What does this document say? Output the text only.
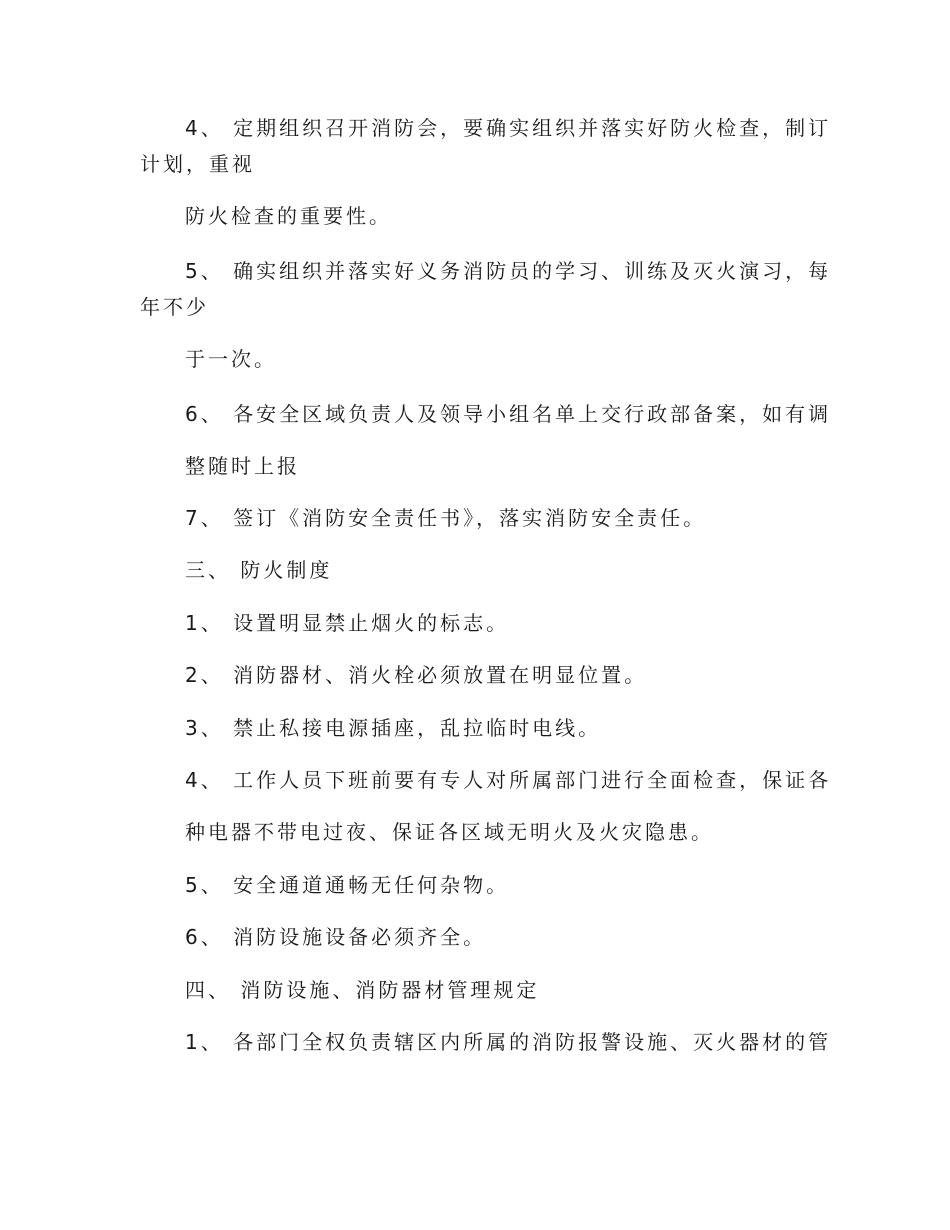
4、 定期组织召开消防会，要确实组织并落实好防火检查，制订
计划，重视
防火检查的重要性。
5、 确实组织并落实好义务消防员的学习、训练及灭火演习，每
年不少
于一次。
6、 各安全区域负责人及领导小组名单上交行政部备案，如有调
整随时上报
7、 签订《消防安全责任书》，落实消防安全责任。
三、 防火制度
1、 设置明显禁止烟火的标志。
2、 消防器材、消火栓必须放置在明显位置。
3、 禁止私接电源插座，乱拉临时电线。
4、 工作人员下班前要有专人对所属部门进行全面检查，保证各
种电器不带电过夜、保证各区域无明火及火灾隐患。
5、 安全通道通畅无任何杂物。
6、 消防设施设备必须齐全。
四、 消防设施、消防器材管理规定
1、 各部门全权负责辖区内所属的消防报警设施、灭火器材的管
